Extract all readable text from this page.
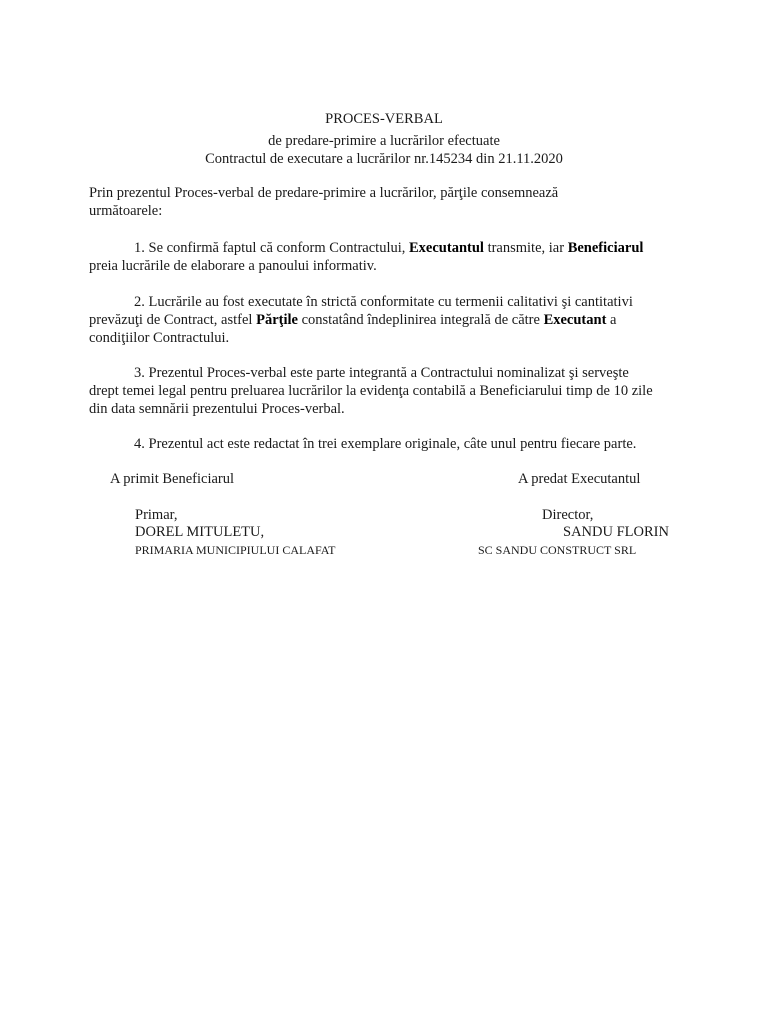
PROCES-VERBAL
de predare-primire a lucrărilor efectuate
Contractul de executare a lucrărilor nr.145234 din 21.11.2020
Prin prezentul Proces-verbal de predare-primire a lucrărilor, părţile consemnează
următoarele:
1. Se confirmă faptul că conform Contractului, Executantul transmite, iar Beneficiarul
preia lucrările de elaborare a panoului informativ.
2. Lucrările au fost executate în strictă conformitate cu termenii calitativi şi cantitativi
prevăzuţi de Contract, astfel Părţile constatând îndeplinirea integrală de către Executant a
condiţiilor Contractului.
3. Prezentul Proces-verbal este parte integrantă a Contractului nominalizat şi serveşte
drept temei legal pentru preluarea lucrărilor la evidenţa contabilă a Beneficiarului timp de 10 zile
din data semnării prezentului Proces-verbal.
4. Prezentul act este redactat în trei exemplare originale, câte unul pentru fiecare parte.
A primit Beneficiarul
Primar,
DOREL MITULETU,
PRIMARIA MUNICIPIULUI CALAFAT
A predat Executantul
Director,
SANDU FLORIN
SC SANDU CONSTRUCT SRL
